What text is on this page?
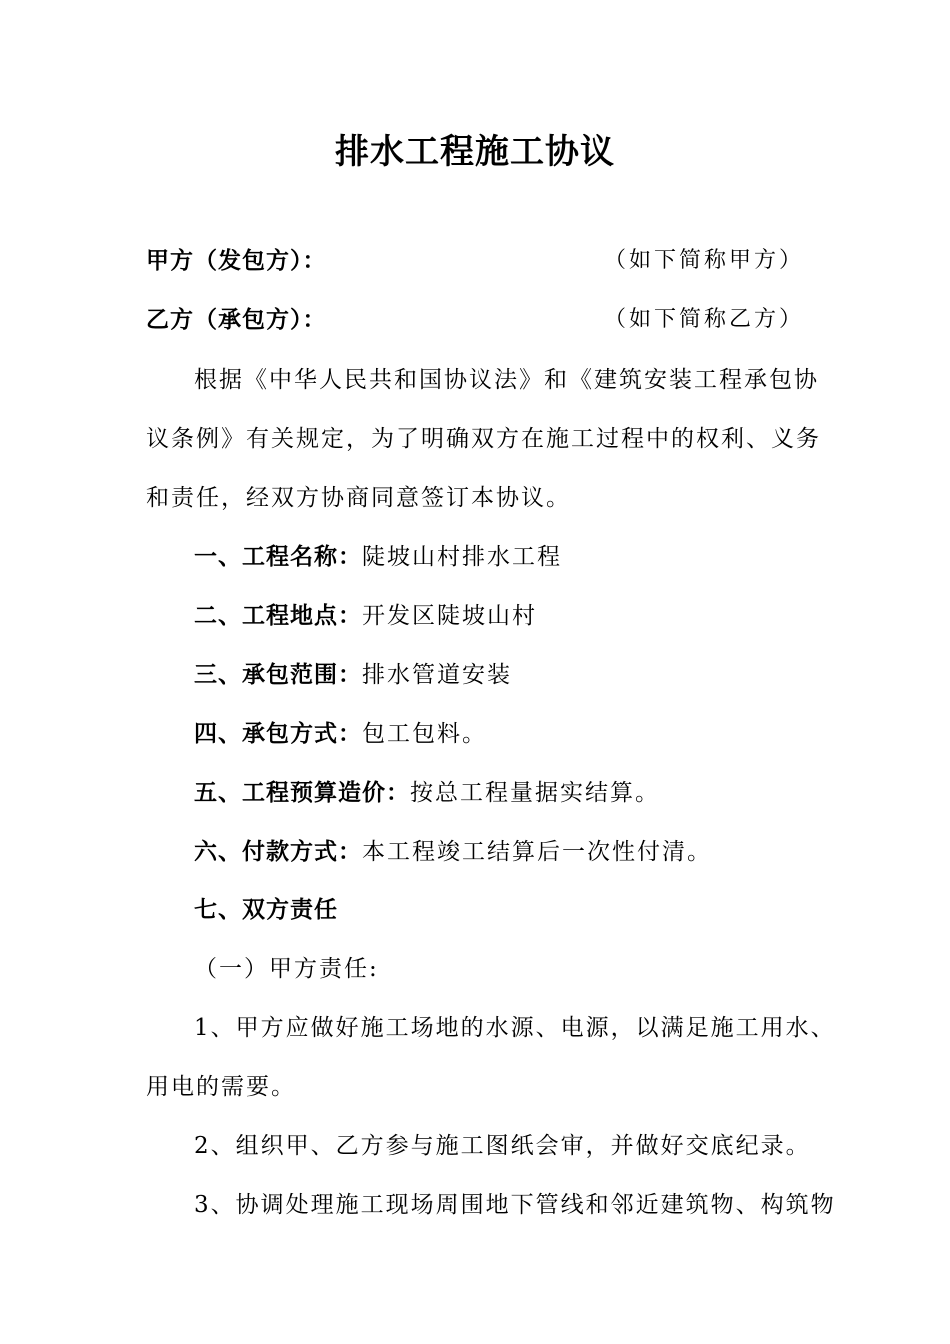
排水工程施工协议
甲方（发包方）：	（如下简称甲方）
乙方（承包方）：	（如下简称乙方）
根据《中华人民共和国协议法》和《建筑安装工程承包协
议条例》有关规定，为了明确双方在施工过程中的权利、义务
和责任，经双方协商同意签订本协议。
一、工程名称：陡坡山村排水工程
二、工程地点：开发区陡坡山村
三、承包范围：排水管道安装
四、承包方式：包工包料。
五、工程预算造价：按总工程量据实结算。
六、付款方式：本工程竣工结算后一次性付清。
七、双方责任
（一）甲方责任:
1、甲方应做好施工场地的水源、电源，以满足施工用水、
用电的需要。
2、组织甲、乙方参与施工图纸会审，并做好交底纪录。
3、协调处理施工现场周围地下管线和邻近建筑物、构筑物
